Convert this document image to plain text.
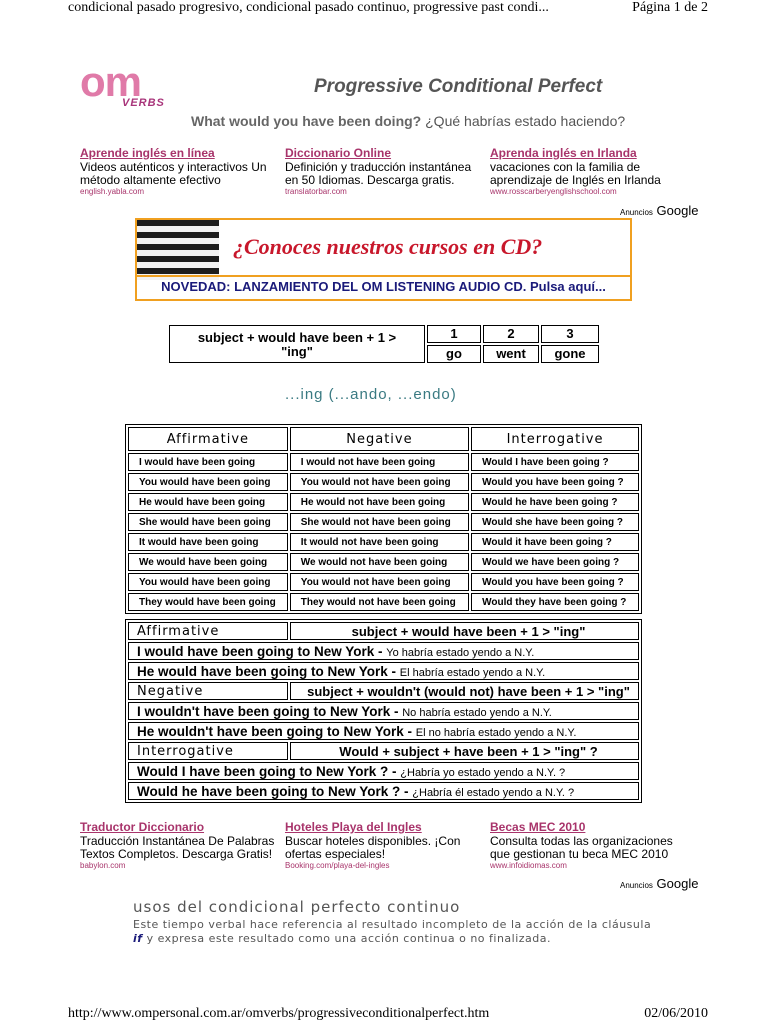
condicional pasado progresivo, condicional pasado continuo, progressive past condi...	Página 1 de 2
om
VERBS
Progressive Conditional Perfect
What would you have been doing? ¿Qué habrías estado haciendo?
Aprende inglés en línea
Videos auténticos y interactivos Un método altamente efectivo
english.yabla.com
Diccionario Online
Definición y traducción instantánea en 50 Idiomas. Descarga gratis.
translatorbar.com
Aprenda inglés en Irlanda
vacaciones con la familia de aprendizaje de Inglés en Irlanda
www.rosscarberyenglishschool.com
Anuncios Google
¿Conoces nuestros cursos en CD?
NOVEDAD: LANZAMIENTO DEL OM LISTENING AUDIO CD. Pulsa aquí...
subject + would have been + 1 > "ing"
1	2	3
go	went	gone
...ing (...ando, ...endo)
Affirmative	Negative	Interrogative
I would have been going	I would not have been going	Would I have been going ?
You would have been going	You would not have been going	Would you have been going ?
He would have been going	He would not have been going	Would he have been going ?
She would have been going	She would not have been going	Would she have been going ?
It would have been going	It would not have been going	Would it have been going ?
We would have been going	We would not have been going	Would we have been going ?
You would have been going	You would not have been going	Would you have been going ?
They would have been going	They would not have been going	Would they have been going ?
Affirmative	subject + would have been + 1 > "ing"
I would have been going to New York - Yo habría estado yendo a N.Y.	
He would have been going to New York - El habría estado yendo a N.Y.	
Negative	subject + wouldn't (would not) have been + 1 > "ing"
I wouldn't have been going to New York - No habría estado yendo a N.Y.	
He wouldn't have been going to New York - El no habría estado yendo a N.Y.	
Interrogative	Would + subject + have been + 1 > "ing" ?
Would I have been going to New York ? - ¿Habría yo estado yendo a N.Y. ?	
Would he have been going to New York ? - ¿Habría él estado yendo a N.Y. ?	
Traductor Diccionario
Traducción Instantánea De Palabras Textos Completos. Descarga Gratis!
babylon.com
Hoteles Playa del Ingles
Buscar hoteles disponibles. ¡Con ofertas especiales!
Booking.com/playa-del-ingles
Becas MEC 2010
Consulta todas las organizaciones que gestionan tu beca MEC 2010
www.infoidiomas.com
Anuncios Google
usos del condicional perfecto continuo
Este tiempo verbal hace referencia al resultado incompleto de la acción de la cláusula if y expresa este resultado como una acción continua o no finalizada.
http://www.ompersonal.com.ar/omverbs/progressiveconditionalperfect.htm	02/06/2010
